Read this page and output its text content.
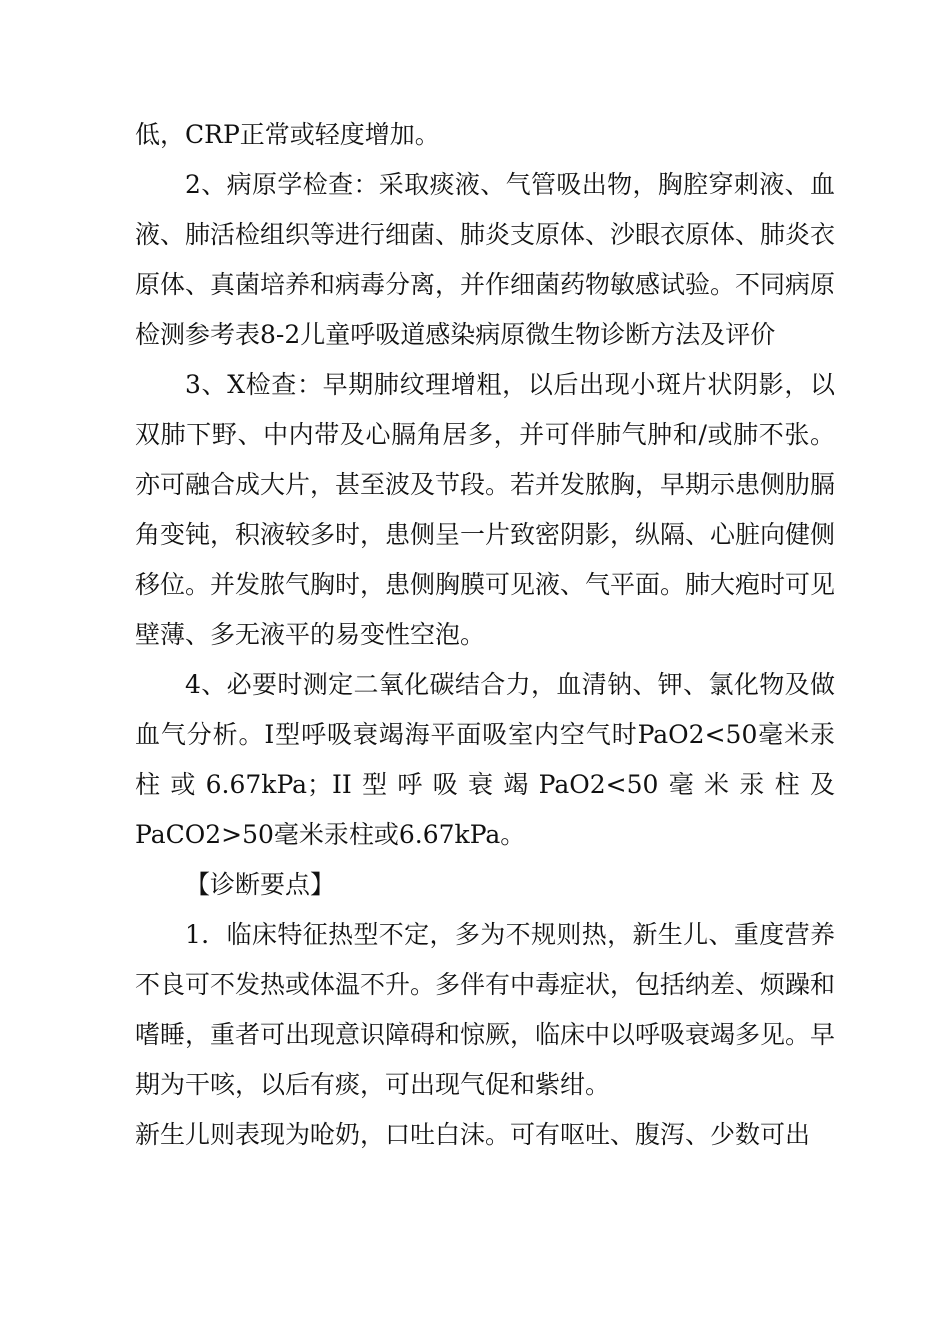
低，CRP正常或轻度增加。

2、病原学检查：采取痰液、气管吸出物，胸腔穿刺液、血液、肺活检组织等进行细菌、肺炎支原体、沙眼衣原体、肺炎衣原体、真菌培养和病毒分离，并作细菌药物敏感试验。不同病原检测参考表8-2儿童呼吸道感染病原微生物诊断方法及评价

3、X检查：早期肺纹理增粗，以后出现小斑片状阴影，以双肺下野、中内带及心膈角居多，并可伴肺气肿和/或肺不张。亦可融合成大片，甚至波及节段。若并发脓胸，早期示患侧肋膈角变钝，积液较多时，患侧呈一片致密阴影，纵隔、心脏向健侧移位。并发脓气胸时，患侧胸膜可见液、气平面。肺大疱时可见壁薄、多无液平的易变性空泡。

4、必要时测定二氧化碳结合力，血清钠、钾、氯化物及做血气分析。I型呼吸衰竭海平面吸室内空气时PaO2<50毫米汞柱或6.67kPa；II型呼吸衰竭PaO2<50毫米汞柱及PaCO2>50毫米汞柱或6.67kPa。

【诊断要点】

1．临床特征热型不定，多为不规则热，新生儿、重度营养不良可不发热或体温不升。多伴有中毒症状，包括纳差、烦躁和嗜睡，重者可出现意识障碍和惊厥，临床中以呼吸衰竭多见。早期为干咳，以后有痰，可出现气促和紫绀。

新生儿则表现为呛奶，口吐白沫。可有呕吐、腹泻、少数可出
